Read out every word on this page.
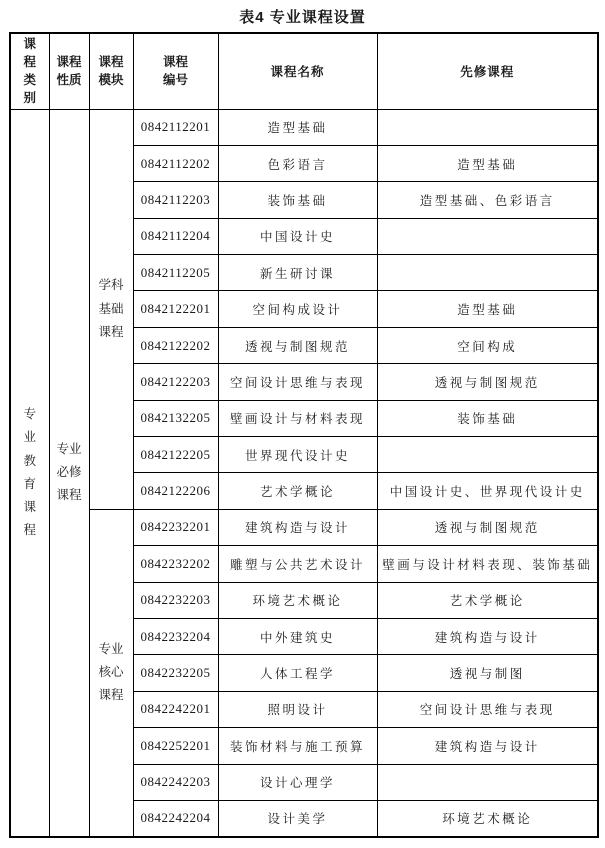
表4 专业课程设置
课程类别	课程性质	课程模块	课程编号	课程名称	先修课程
专业教育课程	专业必修课程	学科基础课程	0842112201	造型基础	
			0842112202	色彩语言	造型基础
			0842112203	装饰基础	造型基础、色彩语言
			0842112204	中国设计史	
			0842112205	新生研讨课	
			0842122201	空间构成设计	造型基础
			0842122202	透视与制图规范	空间构成
			0842122203	空间设计思维与表现	透视与制图规范
			0842132205	壁画设计与材料表现	装饰基础
			0842122205	世界现代设计史	
			0842122206	艺术学概论	中国设计史、世界现代设计史
		专业核心课程	0842232201	建筑构造与设计	透视与制图规范
			0842232202	雕塑与公共艺术设计	壁画与设计材料表现、装饰基础
			0842232203	环境艺术概论	艺术学概论
			0842232204	中外建筑史	建筑构造与设计
			0842232205	人体工程学	透视与制图
			0842242201	照明设计	空间设计思维与表现
			0842252201	装饰材料与施工预算	建筑构造与设计
			0842242203	设计心理学	
			0842242204	设计美学	环境艺术概论
